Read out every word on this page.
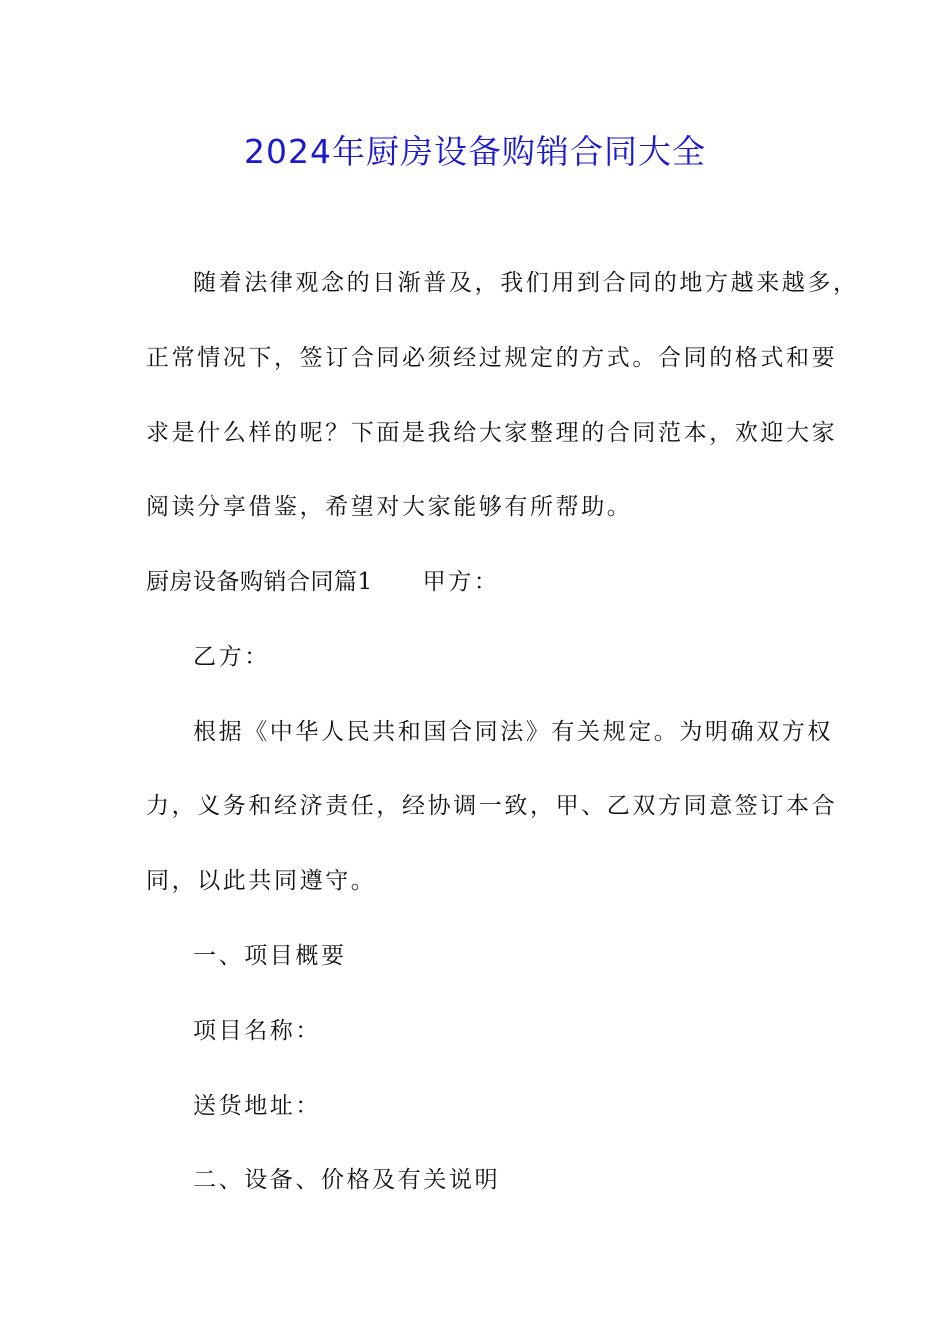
2024年厨房设备购销合同大全
随着法律观念的日渐普及，我们用到合同的地方越来越多，
正常情况下，签订合同必须经过规定的方式。合同的格式和要
求是什么样的呢？下面是我给大家整理的合同范本，欢迎大家
阅读分享借鉴，希望对大家能够有所帮助。
厨房设备购销合同篇1 甲方：
乙方：
根据《中华人民共和国合同法》有关规定。为明确双方权
力，义务和经济责任，经协调一致，甲、乙双方同意签订本合
同，以此共同遵守。
一、项目概要
项目名称：
送货地址：
二、设备、价格及有关说明
